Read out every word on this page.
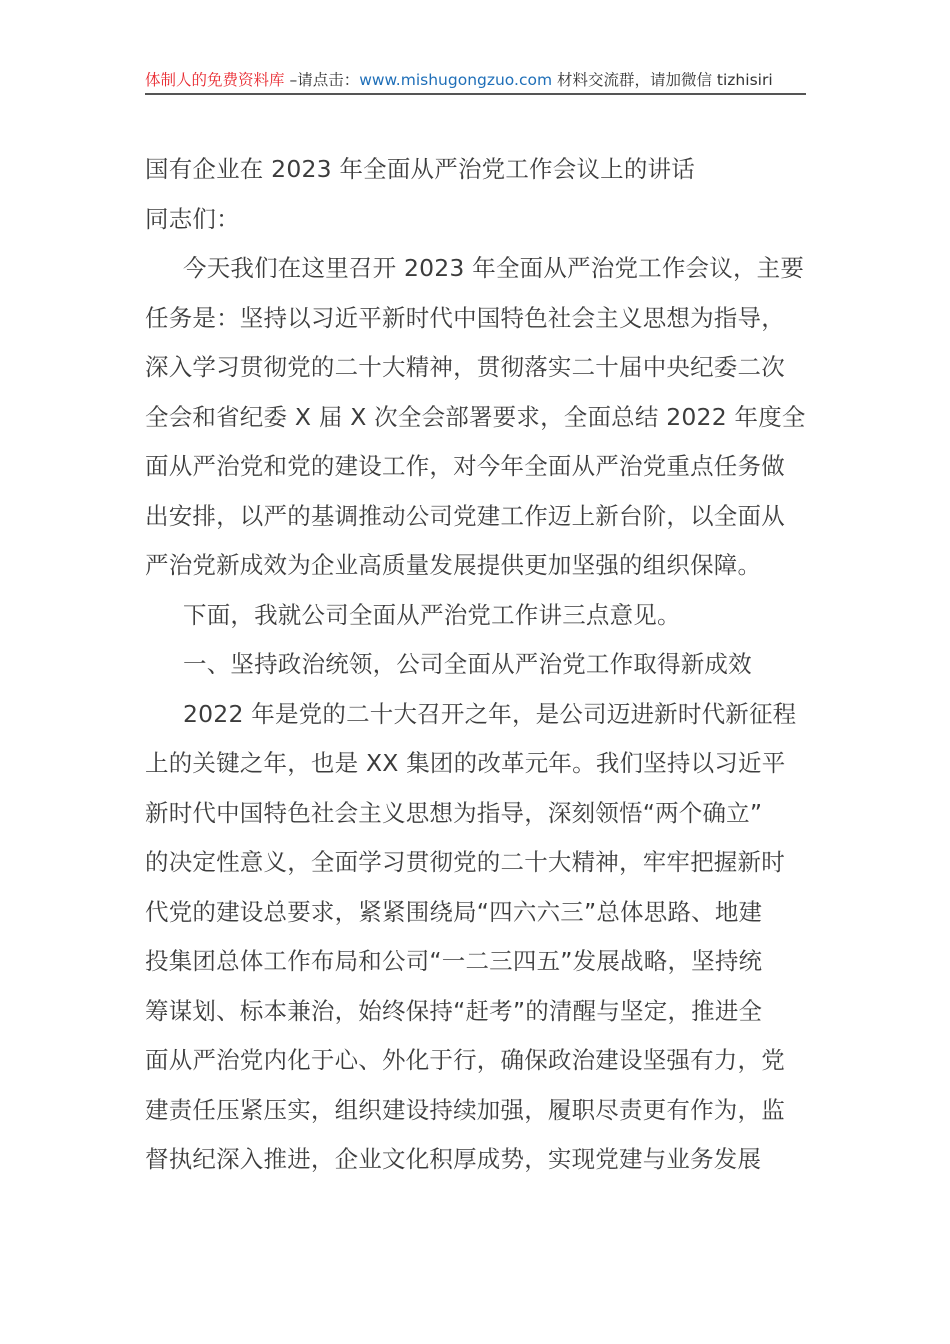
体制人的免费资料库 –请点击：www.mishugongzuo.com 材料交流群，请加微信 tizhisiri
国有企业在 2023 年全面从严治党工作会议上的讲话
同志们：
今天我们在这里召开 2023 年全面从严治党工作会议，主要
任务是：坚持以习近平新时代中国特色社会主义思想为指导，
深入学习贯彻党的二十大精神，贯彻落实二十届中央纪委二次
全会和省纪委 X 届 X 次全会部署要求，全面总结 2022 年度全
面从严治党和党的建设工作，对今年全面从严治党重点任务做
出安排，以严的基调推动公司党建工作迈上新台阶，以全面从
严治党新成效为企业高质量发展提供更加坚强的组织保障。
下面，我就公司全面从严治党工作讲三点意见。
一、坚持政治统领，公司全面从严治党工作取得新成效
2022 年是党的二十大召开之年，是公司迈进新时代新征程
上的关键之年，也是 XX 集团的改革元年。我们坚持以习近平
新时代中国特色社会主义思想为指导，深刻领悟“两个确立”
的决定性意义，全面学习贯彻党的二十大精神，牢牢把握新时
代党的建设总要求，紧紧围绕局“四六六三”总体思路、地建
投集团总体工作布局和公司“一二三四五”发展战略，坚持统
筹谋划、标本兼治，始终保持“赶考”的清醒与坚定，推进全
面从严治党内化于心、外化于行，确保政治建设坚强有力，党
建责任压紧压实，组织建设持续加强，履职尽责更有作为，监
督执纪深入推进，企业文化积厚成势，实现党建与业务发展
